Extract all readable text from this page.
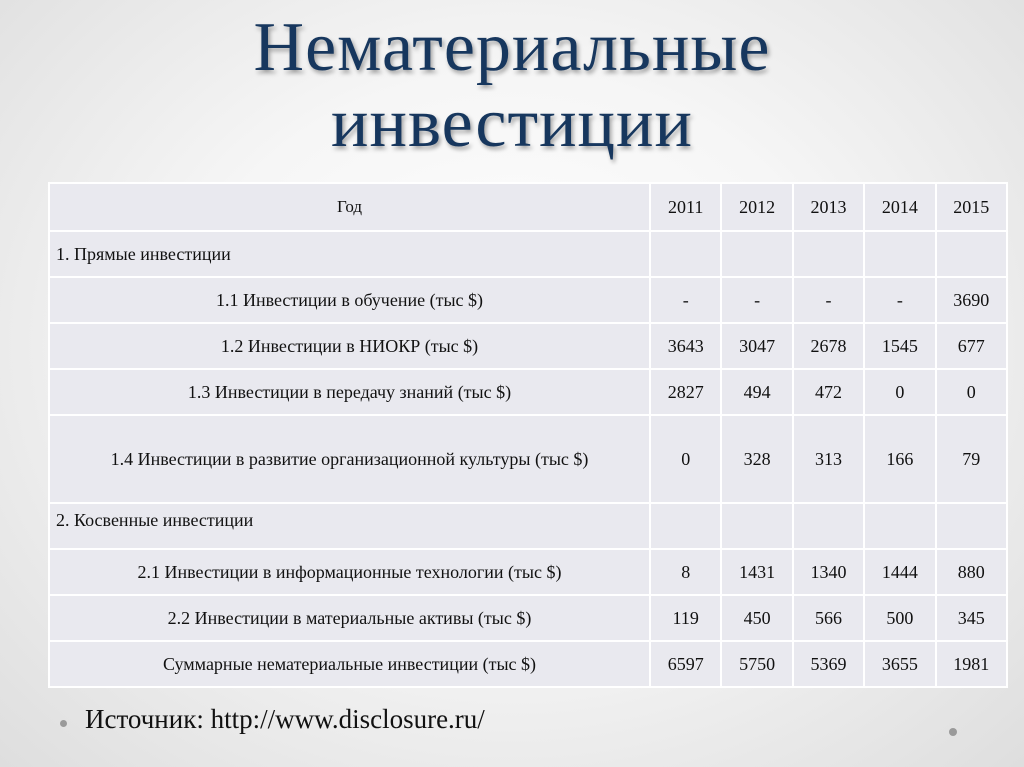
Нематериальные
инвестиции
Год	2011	2012	2013	2014	2015
1. Прямые инвестиции					
1.1 Инвестиции в обучение (тыс $)	-	-	-	-	3690
1.2 Инвестиции в НИОКР (тыс $)	3643	3047	2678	1545	677
1.3 Инвестиции в передачу знаний (тыс $)	2827	494	472	0	0
1.4 Инвестиции в развитие организационной культуры (тыс $)	0	328	313	166	79
2. Косвенные инвестиции					
2.1 Инвестиции в информационные технологии (тыс $)	8	1431	1340	1444	880
2.2 Инвестиции в материальные активы (тыс $)	119	450	566	500	345
Суммарные нематериальные инвестиции (тыс $)	6597	5750	5369	3655	1981
Источник: http://www.disclosure.ru/
